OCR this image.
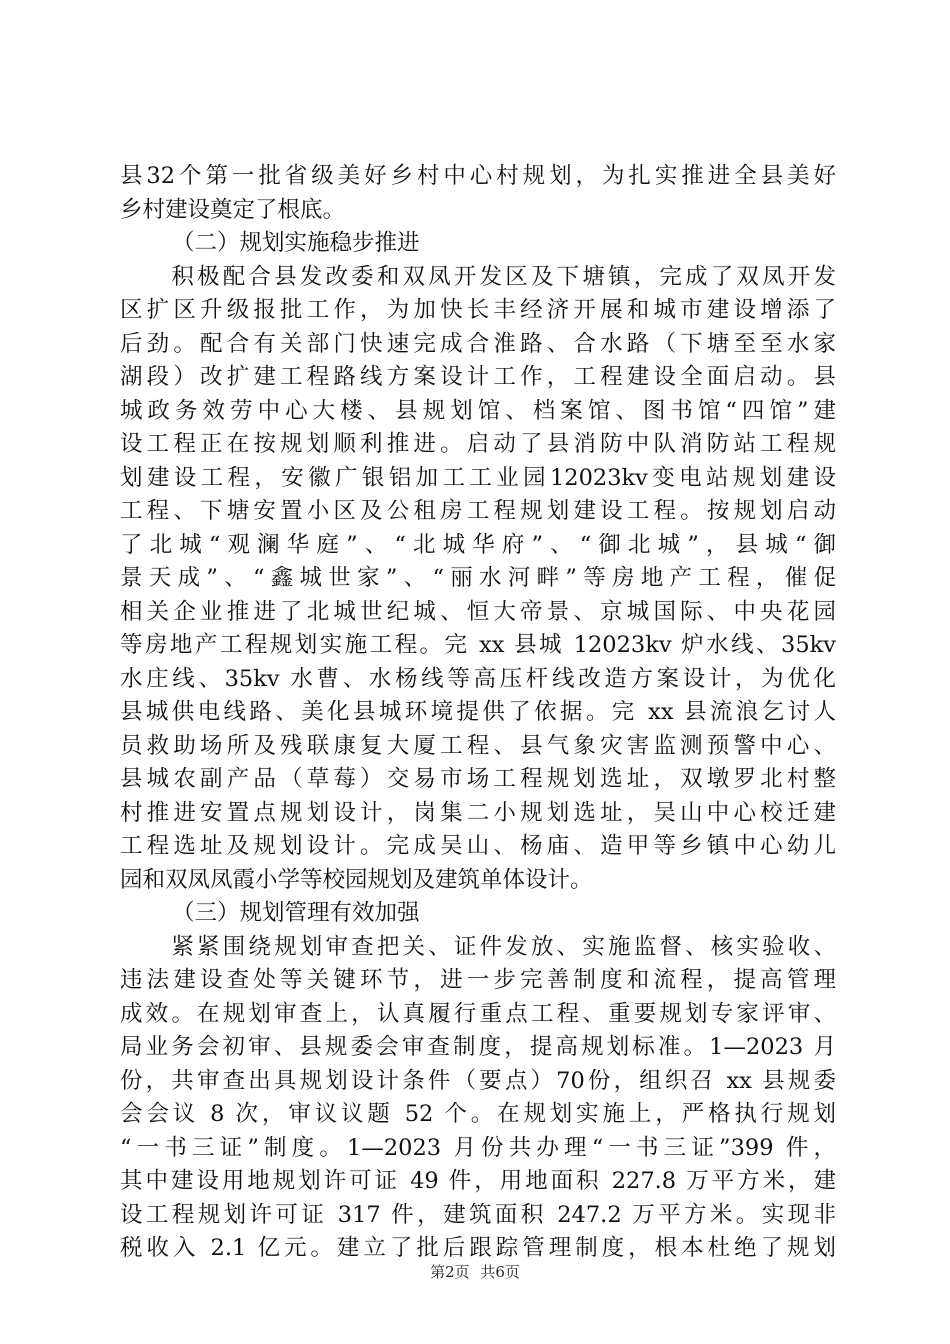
县32个第一批省级美好乡村中心村规划，为扎实推进全县美好
乡村建设奠定了根底。
（二）规划实施稳步推进
　　积极配合县发改委和双凤开发区及下塘镇，完成了双凤开发
区扩区升级报批工作，为加快长丰经济开展和城市建设增添了
后劲。配合有关部门快速完成合淮路、合水路（下塘至至水家
湖段）改扩建工程路线方案设计工作，工程建设全面启动。县
城政务效劳中心大楼、县规划馆、档案馆、图书馆“四馆”建
设工程正在按规划顺利推进。启动了县消防中队消防站工程规
划建设工程，安徽广银铝加工工业园12023kv变电站规划建设
工程、下塘安置小区及公租房工程规划建设工程。按规划启动
了北城“观澜华庭”、“北城华府”、“御北城”，县城“御
景天成”、“鑫城世家”、“丽水河畔”等房地产工程，催促
相关企业推进了北城世纪城、恒大帝景、京城国际、中央花园
等房地产工程规划实施工程。完 xx 县城 12023kv 炉水线、35kv
水庄线、35kv 水曹、水杨线等高压杆线改造方案设计，为优化
县城供电线路、美化县城环境提供了依据。完 xx 县流浪乞讨人
员救助场所及残联康复大厦工程、县气象灾害监测预警中心、
县城农副产品（草莓）交易市场工程规划选址，双墩罗北村整
村推进安置点规划设计，岗集二小规划选址，吴山中心校迁建
工程选址及规划设计。完成吴山、杨庙、造甲等乡镇中心幼儿
园和双凤凤霞小学等校园规划及建筑单体设计。
（三）规划管理有效加强
　　紧紧围绕规划审查把关、证件发放、实施监督、核实验收、
违法建设查处等关键环节，进一步完善制度和流程，提高管理
成效。在规划审查上，认真履行重点工程、重要规划专家评审、
局业务会初审、县规委会审查制度，提高规划标准。1—2023 月
份，共审查出具规划设计条件（要点）70份，组织召 xx 县规委
会会议 8 次，审议议题 52 个。在规划实施上，严格执行规划
“一书三证”制度。1—2023 月份共办理“一书三证”399 件，
其中建设用地规划许可证 49 件，用地面积 227.8 万平方米，建
设工程规划许可证 317 件，建筑面积 247.2 万平方米。实现非
税收入 2.1 亿元。建立了批后跟踪管理制度，根本杜绝了规划
第2页 共6页
